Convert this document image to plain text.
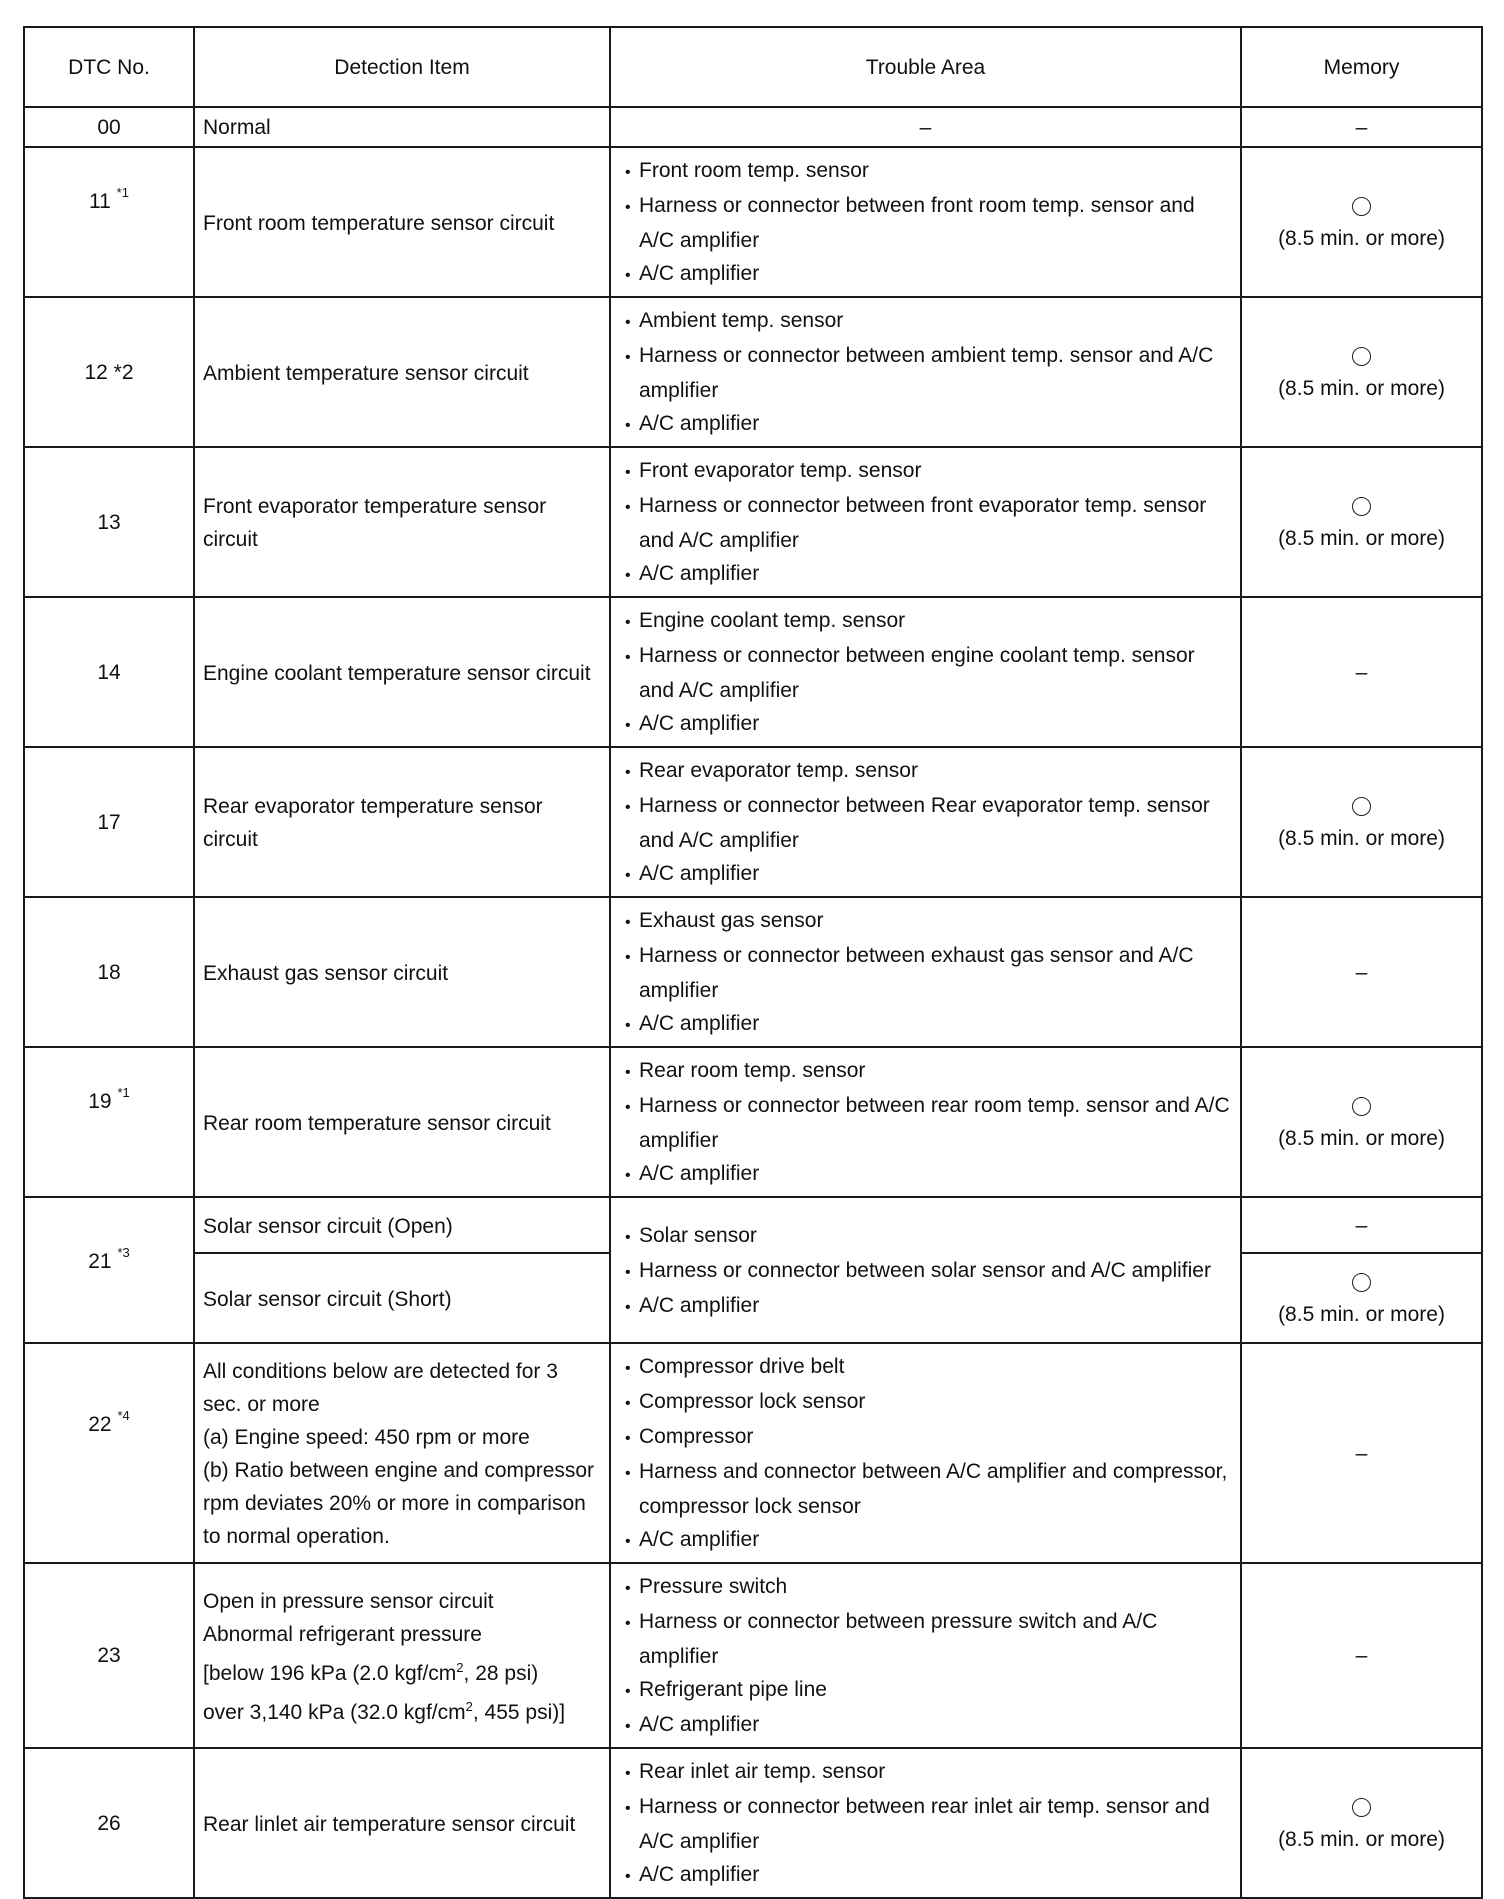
DTC No.	Detection Item	Trouble Area	Memory
00	Normal	–	–
11 $^{*1}$	Front room temperature sensor circuit	• Front room temp. sensor
• Harness or connector between front room temp. sensor and A/C amplifier
• A/C amplifier	(8.5 min. or more)

12 *2	Ambient temperature sensor circuit	• Ambient temp. sensor
• Harness or connector between ambient temp. sensor and A/C amplifier
• A/C amplifier	(8.5 min. or more)

13	Front evaporator temperature sensor circuit	• Front evaporator temp. sensor
• Harness or connector between front evaporator temp. sensor and A/C amplifier
• A/C amplifier	(8.5 min. or more)

14	Engine coolant temperature sensor circuit	• Engine coolant temp. sensor
• Harness or connector between engine coolant temp. sensor and A/C amplifier
• A/C amplifier	–
17	Rear evaporator temperature sensor circuit	• Rear evaporator temp. sensor
• Harness or connector between Rear evaporator temp. sensor and A/C amplifier
• A/C amplifier	(8.5 min. or more)

18	Exhaust gas sensor circuit	• Exhaust gas sensor
• Harness or connector between exhaust gas sensor and A/C amplifier
• A/C amplifier	–
19 $^{*1}$	Rear room temperature sensor circuit	• Rear room temp. sensor
• Harness or connector between rear room temp. sensor and A/C amplifier
• A/C amplifier	(8.5 min. or more)

21 $^{*3}$	Solar sensor circuit (Open)	• Solar sensor
• Harness or connector between solar sensor and A/C amplifier
• A/C amplifier	–
	Solar sensor circuit (Short)		(8.5 min. or more)

22 $^{*4}$	All conditions below are detected for 3 sec. or more
(a) Engine speed: 450 rpm or more
(b) Ratio between engine and compressor rpm deviates 20% or more in comparison to normal operation.	• Compressor drive belt
• Compressor lock sensor
• Compressor
• Harness and connector between A/C amplifier and compressor, compressor lock sensor
• A/C amplifier	–
23	Open in pressure sensor circuit
Abnormal refrigerant pressure
[below 196 kPa (2.0 kgf/$cm^2$, 28 psi)
over 3,140 kPa (32.0 kgf/$cm^2$, 455 psi)]	• Pressure switch
• Harness or connector between pressure switch and A/C amplifier
• Refrigerant pipe line
• A/C amplifier	–
26	Rear linlet air temperature sensor circuit	• Rear inlet air temp. sensor
• Harness or connector between rear inlet air temp. sensor and A/C amplifier
• A/C amplifier	(8.5 min. or more)
